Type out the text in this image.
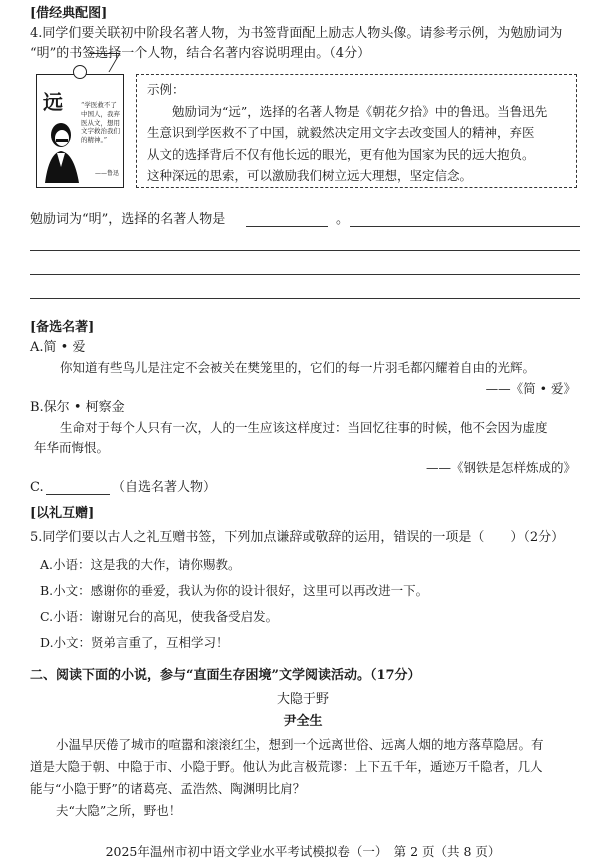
[借经典配图]
4.同学们要关联初中阶段名著人物，为书签背面配上励志人物头像。请参考示例，为勉励词为
“明”的书签选择一个人物，结合名著内容说明理由。（4分）
远	“学医救不了中国人，我弃医从文，想用文字救治我们的精神。”
——鲁迅

示例：

勉励词为“远”，选择的名著人物是《朝花夕拾》中的鲁迅。当鲁迅先

生意识到学医救不了中国，就毅然决定用文字去改变国人的精神，弃医

从文的选择背后不仅有他长远的眼光，更有他为国家为民的远大抱负。

这种深远的思索，可以激励我们树立远大理想，坚定信念。

勉励词为“明”，选择的名著人物是	。
[备选名著]
A.简 • 爱
你知道有些鸟儿是注定不会被关在樊笼里的，它们的每一片羽毛都闪耀着自由的光辉。
——《简 • 爱》
B.保尔 • 柯察金
生命对于每个人只有一次，人的一生应该这样度过：当回忆往事的时候，他不会因为虚度
年华而悔恨。
——《钢铁是怎样炼成的》
C.	（自选名著人物）
[以礼互赠]
5.同学们要以古人之礼互赠书签，下列加点谦辞或敬辞的运用，错误的一项是（　　）（2分）
A.小语：这是我的大作，请你赐教。
B.小文：感谢你的垂爱，我认为你的设计很好，这里可以再改进一下。
C.小语：谢谢兄台的高见，使我备受启发。
D.小文：贤弟言重了，互相学习！
二、阅读下面的小说，参与“直面生存困境”文学阅读活动。（17分）
大隐于野
尹全生
小温早厌倦了城市的喧嚣和滚滚红尘，想到一个远离世俗、远离人烟的地方落草隐居。有
道是大隐于朝、中隐于市、小隐于野。他认为此言极荒谬：上下五千年，遁迹万千隐者，几人
能与“小隐于野”的诸葛亮、孟浩然、陶渊明比肩？
夫“大隐”之所，野也！
2025年温州市初中语文学业水平考试模拟卷（一）　第 2 页（共 8 页）
